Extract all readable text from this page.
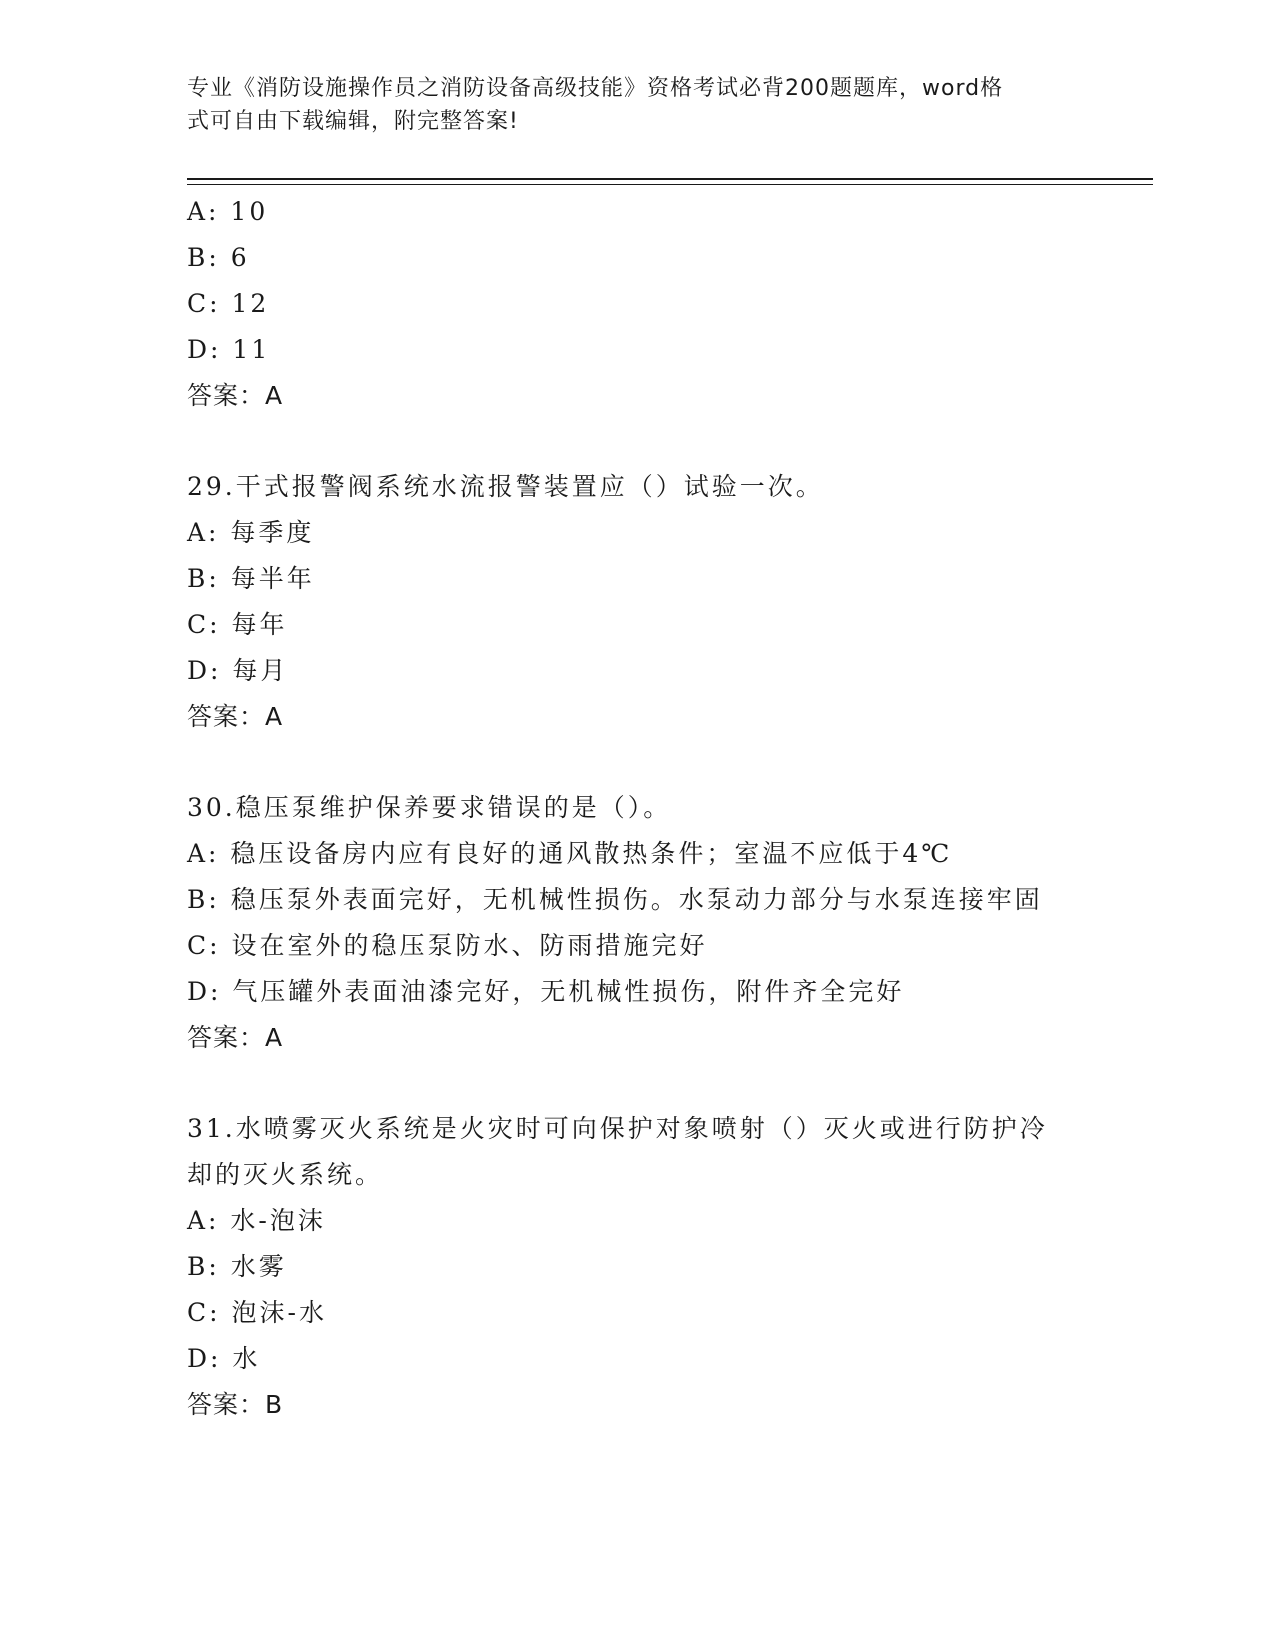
专业《消防设施操作员之消防设备高级技能》资格考试必背200题题库，word格
式可自由下载编辑，附完整答案!
A: 10
B: 6
C: 12
D: 11
答案：A
29.干式报警阀系统水流报警装置应（）试验一次。
A: 每季度
B: 每半年
C: 每年
D: 每月
答案：A
30.稳压泵维护保养要求错误的是（）。
A: 稳压设备房内应有良好的通风散热条件；室温不应低于4℃
B: 稳压泵外表面完好，无机械性损伤。水泵动力部分与水泵连接牢固
C: 设在室外的稳压泵防水、防雨措施完好
D: 气压罐外表面油漆完好，无机械性损伤，附件齐全完好
答案：A
31.水喷雾灭火系统是火灾时可向保护对象喷射（）灭火或进行防护冷
却的灭火系统。
A: 水-泡沫
B: 水雾
C: 泡沫-水
D: 水
答案：B
